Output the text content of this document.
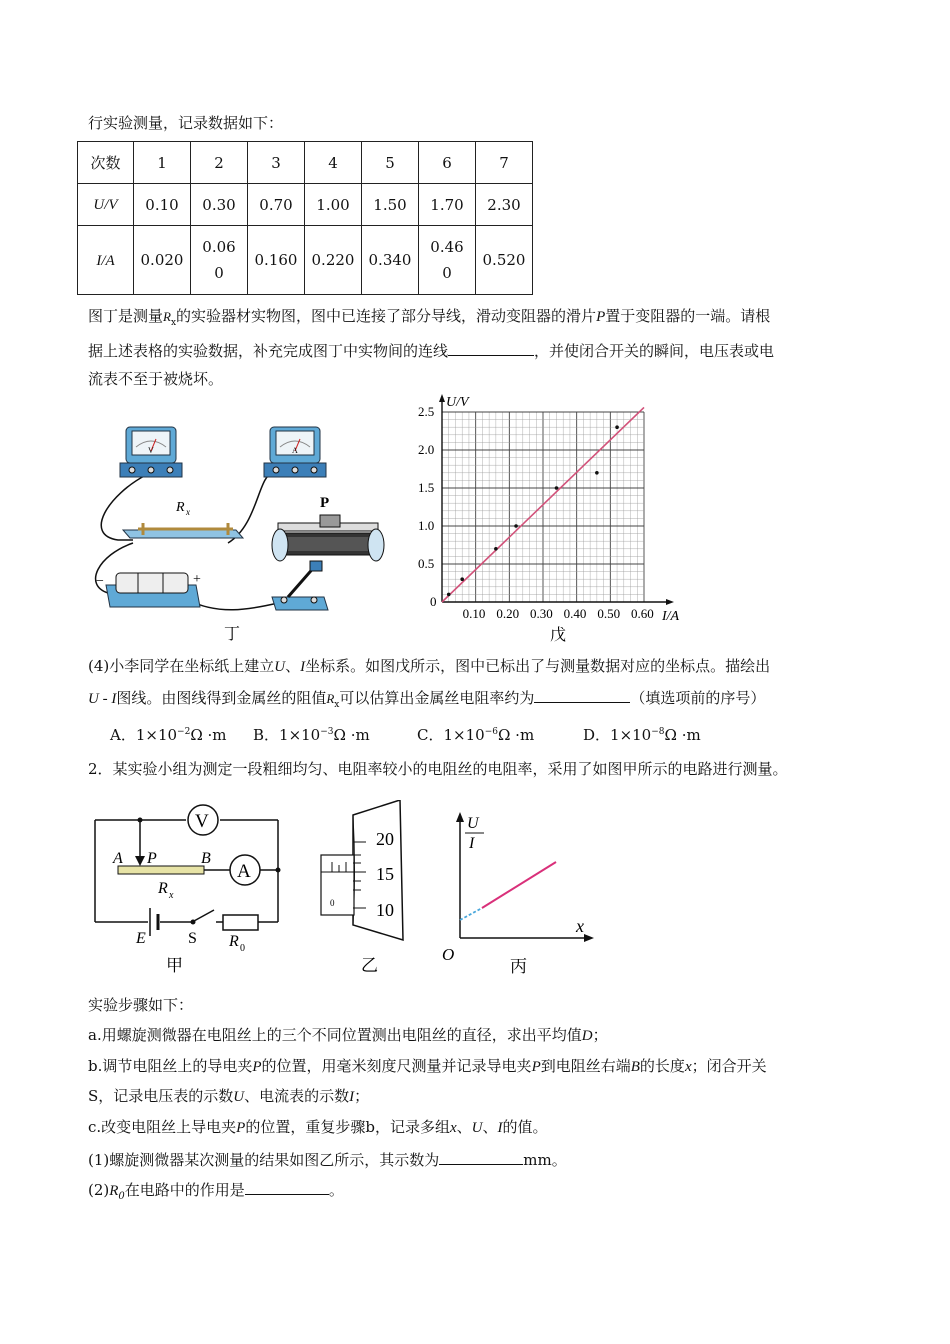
行实验测量，记录数据如下：
次数	1	2	3	4	5	6	7
U/V	0.10	0.30	0.70	1.00	1.50	1.70	2.30
I/A	0.020	0.060	0.160	0.220	0.340	0.460	0.520
图丁是测量$R_x$的实验器材实物图，图中已连接了部分导线，滑动变阻器的滑片P置于变阻器的一端。请根
据上述表格的实验数据，补充完成图丁中实物间的连线	，并使闭合开关的瞬间，电压表或电
流表不至于被烧坏。
V	A
R x
P
−	+
丁	戊
0.10 0.20 0.30 0.40 0.50 0.60
0.5
1.0
1.5
2.0
2.5
0
U/V
I/A
(4)小李同学在坐标纸上建立U、I坐标系。如图戊所示，图中已标出了与测量数据对应的坐标点。描绘出
U - I图线。由图线得到金属丝的阻值$R_x$可以估算出金属丝电阻率约为	（填选项前的序号）
A．$1\times 10^{-2}\Omega \cdot m$ B．$1\times 10^{-3}\Omega \cdot m$	C．$1\times 10^{-6}\Omega \cdot m$	D．$1\times 10^{-8}\Omega \cdot m$
2．某实验小组为测定一段粗细均匀、电阻率较小的电阻丝的电阻率，采用了如图甲所示的电路进行测量。
V
A
A P	B
R x
E	S R 0
甲
20
15
10
0
乙
U
I
x
O
丙
实验步骤如下：
a.用螺旋测微器在电阻丝上的三个不同位置测出电阻丝的直径，求出平均值D；
b.调节电阻丝上的导电夹P的位置，用毫米刻度尺测量并记录导电夹P到电阻丝右端B的长度x；闭合开关
S，记录电压表的示数U、电流表的示数I；
c.改变电阻丝上导电夹P的位置，重复步骤b，记录多组x、U、I的值。
(1)螺旋测微器某次测量的结果如图乙所示，其示数为	mm。
$(2)R_0$在电路中的作用是	。
